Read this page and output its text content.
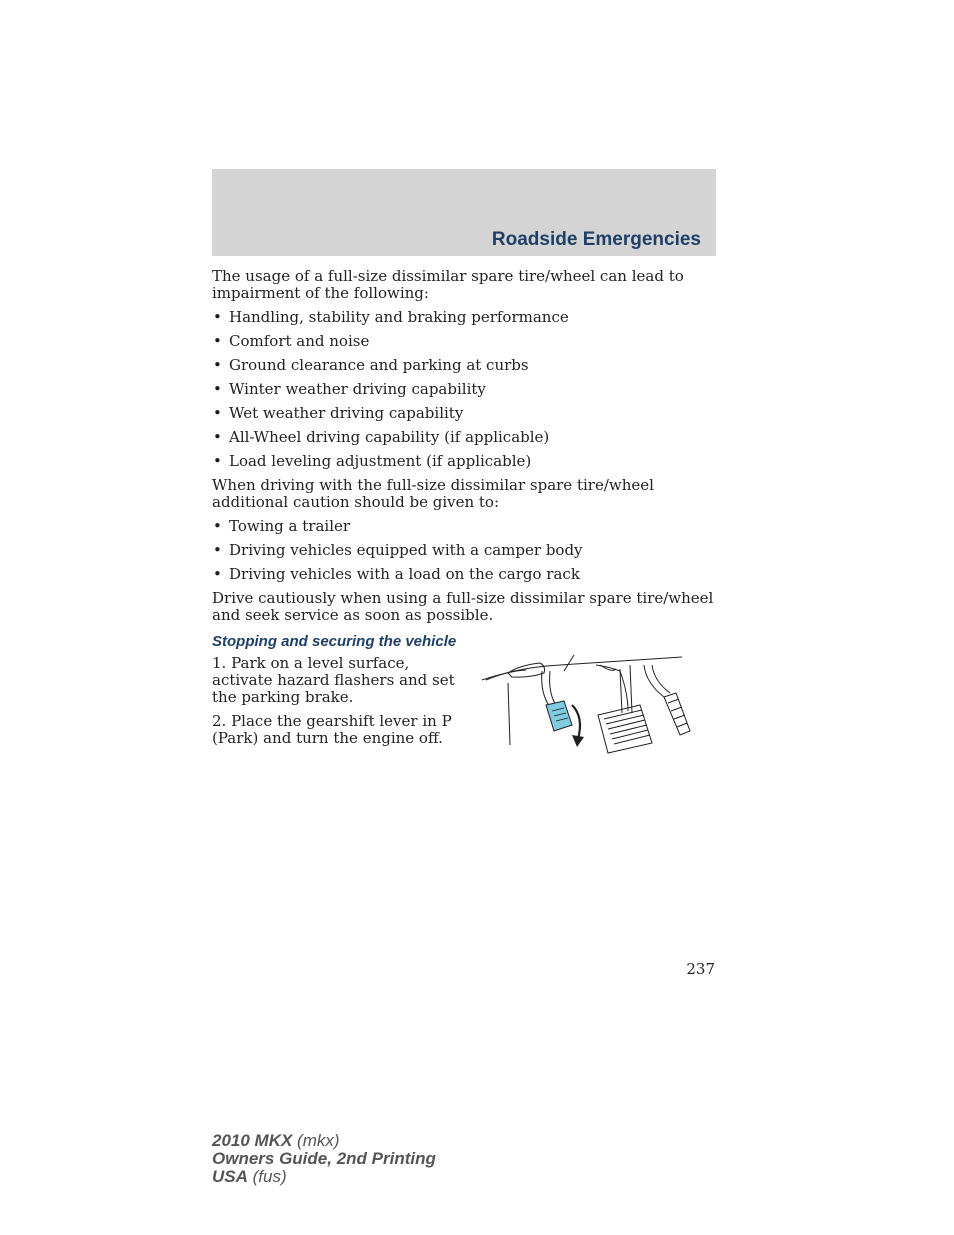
Roadside Emergencies

The usage of a full-size dissimilar spare tire/wheel can lead to impairment of the following:

• Handling, stability and braking performance
• Comfort and noise
• Ground clearance and parking at curbs
• Winter weather driving capability
• Wet weather driving capability
• All-Wheel driving capability (if applicable)
• Load leveling adjustment (if applicable)

When driving with the full-size dissimilar spare tire/wheel additional caution should be given to:

• Towing a trailer
• Driving vehicles equipped with a camper body
• Driving vehicles with a load on the cargo rack

Drive cautiously when using a full-size dissimilar spare tire/wheel and seek service as soon as possible.

Stopping and securing the vehicle

1. Park on a level surface, activate hazard flashers and set the parking brake.

2. Place the gearshift lever in P (Park) and turn the engine off.

237

2010 MKX (mkx)
Owners Guide, 2nd Printing
USA (fus)
